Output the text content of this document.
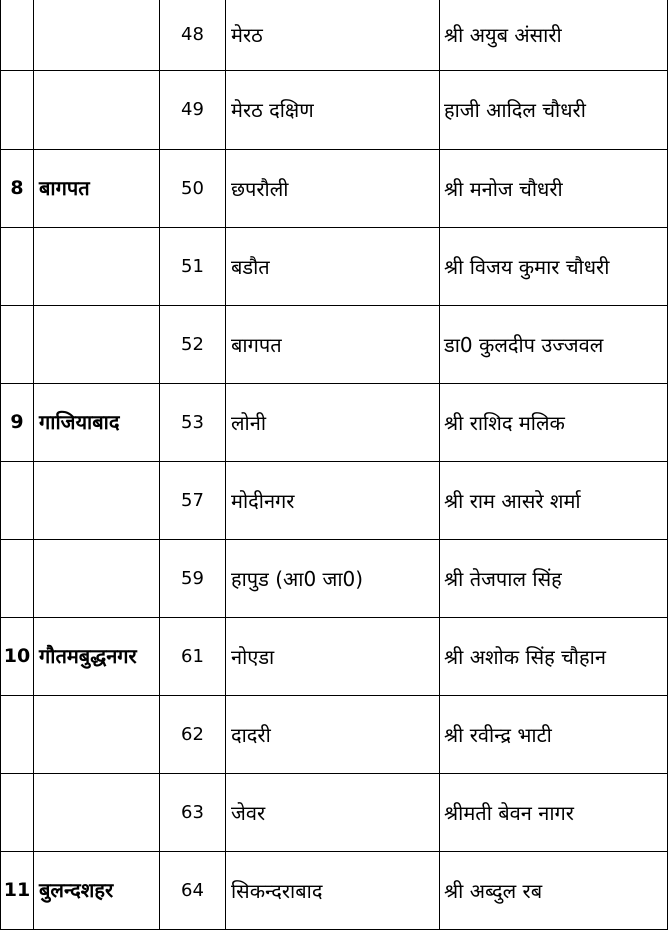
		48	मेरठ	श्री अयुब अंसारी
		49	मेरठ दक्षिण	हाजी आदिल चौधरी
8	बागपत	50	छपरौली	श्री मनोज चौधरी
		51	बडौत	श्री विजय कुमार चौधरी
		52	बागपत	डा0 कुलदीप उज्जवल
9	गाजियाबाद	53	लोनी	श्री राशिद मलिक
		57	मोदीनगर	श्री राम आसरे शर्मा
		59	हापुड (आ0 जा0)	श्री तेजपाल सिंह
10	गौतमबुद्धनगर	61	नोएडा	श्री अशोक सिंह चौहान
		62	दादरी	श्री रवीन्द्र भाटी
		63	जेवर	श्रीमती बेवन नागर
11	बुलन्दशहर	64	सिकन्दराबाद	श्री अब्दुल रब
